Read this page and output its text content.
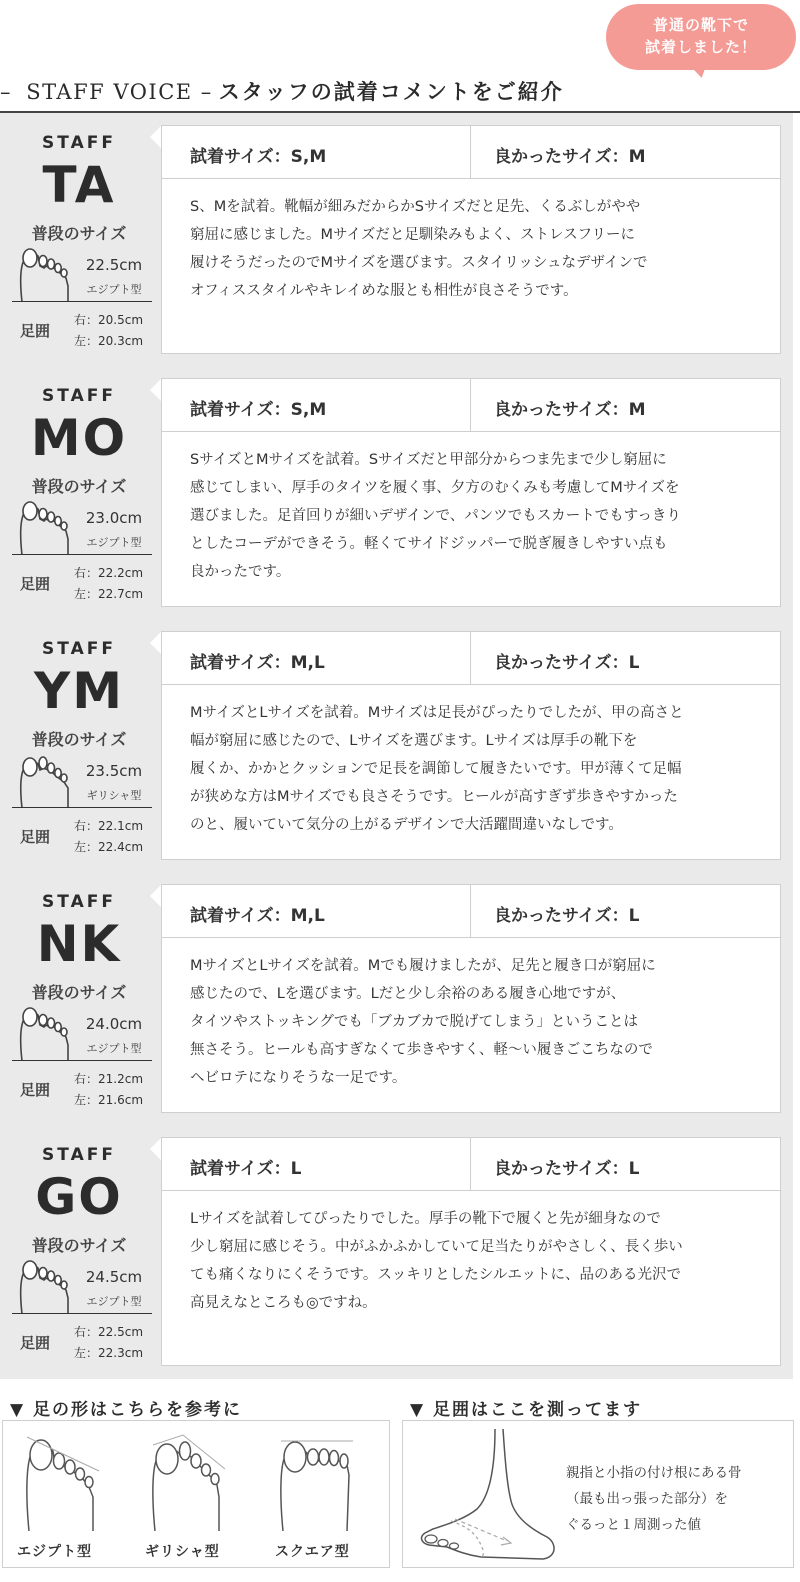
普通の靴下で
試着しました！
– STAFF VOICE – スタッフの試着コメントをご紹介
STAFF
TA
普段のサイズ
22.5cm
エジプト型
足囲
右：20.5cm
左：20.3cm
試着サイズ：S,M	良かったサイズ：M
S、Mを試着。靴幅が細みだからかSサイズだと足先、くるぶしがやや
窮屈に感じました。Mサイズだと足馴染みもよく、ストレスフリーに
履けそうだったのでMサイズを選びます。スタイリッシュなデザインで
オフィススタイルやキレイめな服とも相性が良さそうです。
STAFF
MO
普段のサイズ
23.0cm
エジプト型
足囲
右：22.2cm
左：22.7cm
試着サイズ：S,M	良かったサイズ：M
SサイズとMサイズを試着。Sサイズだと甲部分からつま先まで少し窮屈に
感じてしまい、厚手のタイツを履く事、夕方のむくみも考慮してMサイズを
選びました。足首回りが細いデザインで、パンツでもスカートでもすっきり
としたコーデができそう。軽くてサイドジッパーで脱ぎ履きしやすい点も
良かったです。
STAFF
YM
普段のサイズ
23.5cm
ギリシャ型
足囲
右：22.1cm
左：22.4cm
試着サイズ：M,L	良かったサイズ：L
MサイズとLサイズを試着。Mサイズは足長がぴったりでしたが、甲の高さと
幅が窮屈に感じたので、Lサイズを選びます。Lサイズは厚手の靴下を
履くか、かかとクッションで足長を調節して履きたいです。甲が薄くて足幅
が狭めな方はMサイズでも良さそうです。ヒールが高すぎず歩きやすかった
のと、履いていて気分の上がるデザインで大活躍間違いなしです。
STAFF
NK
普段のサイズ
24.0cm
エジプト型
足囲
右：21.2cm
左：21.6cm
試着サイズ：M,L	良かったサイズ：L
MサイズとLサイズを試着。Mでも履けましたが、足先と履き口が窮屈に
感じたので、Lを選びます。Lだと少し余裕のある履き心地ですが、
タイツやストッキングでも「ブカブカで脱げてしまう」ということは
無さそう。ヒールも高すぎなくて歩きやすく、軽〜い履きごこちなので
ヘビロテになりそうな一足です。
STAFF
GO
普段のサイズ
24.5cm
エジプト型
足囲
右：22.5cm
左：22.3cm
試着サイズ：L	良かったサイズ：L
Lサイズを試着してぴったりでした。厚手の靴下で履くと先が細身なので
少し窮屈に感じそう。中がふかふかしていて足当たりがやさしく、長く歩い
ても痛くなりにくそうです。スッキリとしたシルエットに、品のある光沢で
高見えなところも◎ですね。
▼ 足の形はこちらを参考に
エジプト型	ギリシャ型	スクエア型
▼ 足囲はここを測ってます
親指と小指の付け根にある骨
（最も出っ張った部分）を
ぐるっと１周測った値
